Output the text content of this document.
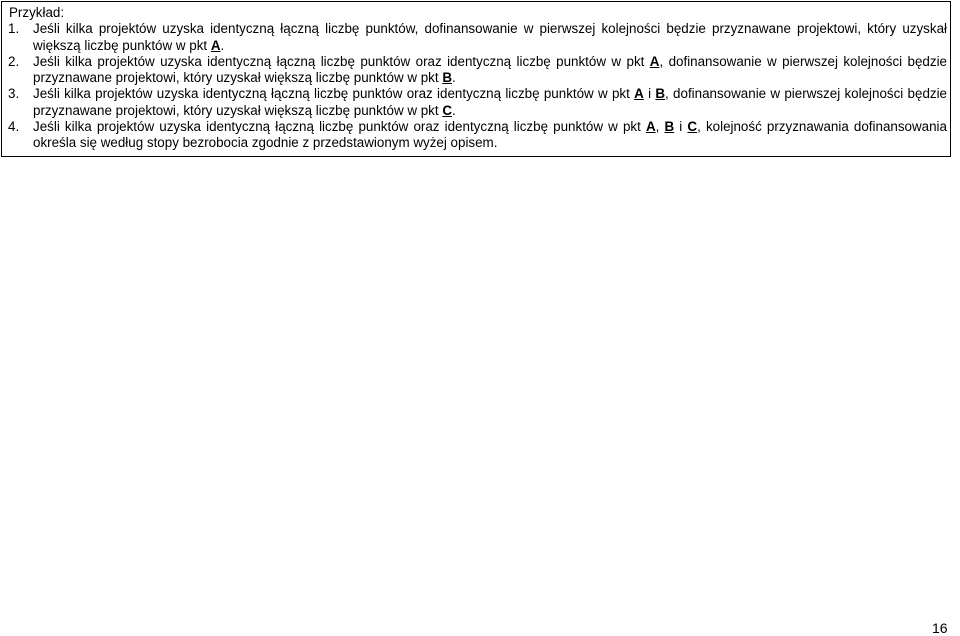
Przykład:
1.	Jeśli kilka projektów uzyska identyczną łączną liczbę punktów, dofinansowanie w pierwszej kolejności będzie przyznawane projektowi, który uzyskał większą liczbę punktów w pkt A.
2.	Jeśli kilka projektów uzyska identyczną łączną liczbę punktów oraz identyczną liczbę punktów w pkt A, dofinansowanie w pierwszej kolejności będzie przyznawane projektowi, który uzyskał większą liczbę punktów w pkt B.
3.	Jeśli kilka projektów uzyska identyczną łączną liczbę punktów oraz identyczną liczbę punktów w pkt A i B, dofinansowanie w pierwszej kolejności będzie przyznawane projektowi, który uzyskał większą liczbę punktów w pkt C.
4.	Jeśli kilka projektów uzyska identyczną łączną liczbę punktów oraz identyczną liczbę punktów w pkt A, B i C, kolejność przyznawania dofinansowania określa się według stopy bezrobocia zgodnie z przedstawionym wyżej opisem.
16
